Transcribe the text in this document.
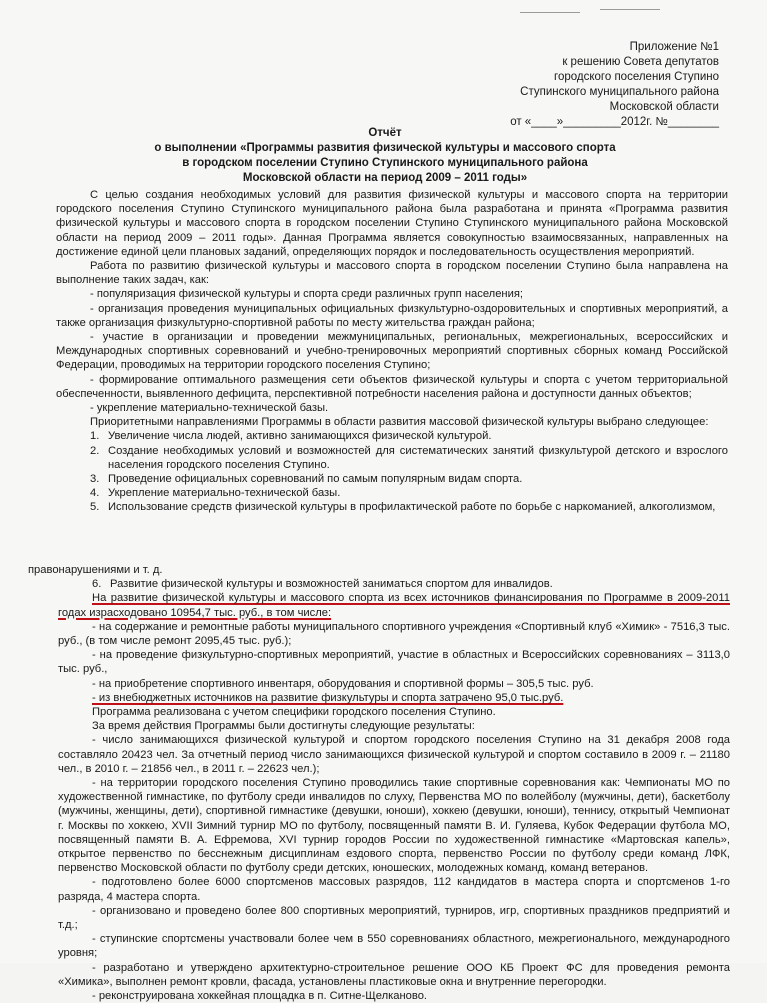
Приложение №1
к решению Совета депутатов
городского поселения Ступино
Ступинского муниципального района
Московской области
от «____»_________2012г. №________
Отчёт
о выполнении «Программы развития физической культуры и массового спорта
в городском поселении Ступино Ступинского муниципального района
Московской области на период 2009 – 2011 годы»

С целью создания необходимых условий для развития физической культуры и массового спорта на территории городского поселения Ступино Ступинского муниципального района была разработана и принята «Программа развития физической культуры и массового спорта в городском поселении Ступино Ступинского муниципального района Московской области на период 2009 – 2011 годы». Данная Программа является совокупностью взаимосвязанных, направленных на достижение единой цели плановых заданий, определяющих порядок и последовательность осуществления мероприятий.

Работа по развитию физической культуры и массового спорта в городском поселении Ступино была направлена на выполнение таких задач, как:

- популяризация физической культуры и спорта среди различных групп населения;

- организация проведения муниципальных официальных физкультурно-оздоровительных и спортивных мероприятий, а также организация физкультурно-спортивной работы по месту жительства граждан района;

- участие в организации и проведении межмуниципальных, региональных, межрегиональных, всероссийских и Международных спортивных соревнований и учебно-тренировочных мероприятий спортивных сборных команд Российской Федерации, проводимых на территории городского поселения Ступино;

- формирование оптимального размещения сети объектов физической культуры и спорта с учетом территориальной обеспеченности, выявленного дефицита, перспективной потребности населения района и доступности данных объектов;

- укрепление материально-технической базы.

Приоритетными направлениями Программы в области развития массовой физической культуры выбрано следующее:

1. Увеличение числа людей, активно занимающихся физической культурой.
2. Создание необходимых условий и возможностей для систематических занятий физкультурой детского и взрослого населения городского поселения Ступино.
3. Проведение официальных соревнований по самым популярным видам спорта.
4. Укрепление материально-технической базы.
5. Использование средств физической культуры в профилактической работе по борьбе с наркоманией, алкоголизмом,

правонарушениями и т. д.

6. Развитие физической культуры и возможностей заниматься спортом для инвалидов.

На развитие физической культуры и массового спорта из всех источников финансирования по Программе в 2009-2011 годах израсходовано 10954,7 тыс. руб., в том числе:

- на содержание и ремонтные работы муниципального спортивного учреждения «Спортивный клуб «Химик» - 7516,3 тыс. руб., (в том числе ремонт 2095,45 тыс. руб.);

- на проведение физкультурно-спортивных мероприятий, участие в областных и Всероссийских соревнованиях – 3113,0 тыс. руб.,

- на приобретение спортивного инвентаря, оборудования и спортивной формы – 305,5 тыс. руб.

- из внебюджетных источников на развитие физкультуры и спорта затрачено 95,0 тыс.руб.

Программа реализована с учетом специфики городского поселения Ступино.

За время действия Программы были достигнуты следующие результаты:

- число занимающихся физической культурой и спортом городского поселения Ступино на 31 декабря 2008 года составляло 20423 чел. За отчетный период число занимающихся физической культурой и спортом составило в 2009 г. – 21180 чел., в 2010 г. – 21856 чел., в 2011 г. – 22623 чел.);

- на территории городского поселения Ступино проводились такие спортивные соревнования как: Чемпионаты МО по художественной гимнастике, по футболу среди инвалидов по слуху, Первенства МО по волейболу (мужчины, дети), баскетболу (мужчины, женщины, дети), спортивной гимнастике (девушки, юноши), хоккею (девушки, юноши), теннису, открытый Чемпионат г. Москвы по хоккею, XVII Зимний турнир МО по футболу, посвященный памяти В. И. Гуляева, Кубок Федерации футбола МО, посвященный памяти В. А. Ефремова, XVI турнир городов России по художественной гимнастике «Мартовская капель», открытое первенство по бесснежным дисциплинам ездового спорта, первенство России по футболу среди команд ЛФК, первенство Московской области по футболу среди детских, юношеских, молодежных команд, команд ветеранов.

- подготовлено более 6000 спортсменов массовых разрядов, 112 кандидатов в мастера спорта и спортсменов 1-го разряда, 4 мастера спорта.

- организовано и проведено более 800 спортивных мероприятий, турниров, игр, спортивных праздников предприятий и т.д.;

- ступинские спортсмены участвовали более чем в 550 соревнованиях областного, межрегионального, международного уровня;

- разработано и утверждено архитектурно-строительное решение ООО КБ Проект ФС для проведения ремонта «Химика», выполнен ремонт кровли, фасада, установлены пластиковые окна и внутренние перегородки.

- реконструирована хоккейная площадка в п. Ситне-Щелканово.
